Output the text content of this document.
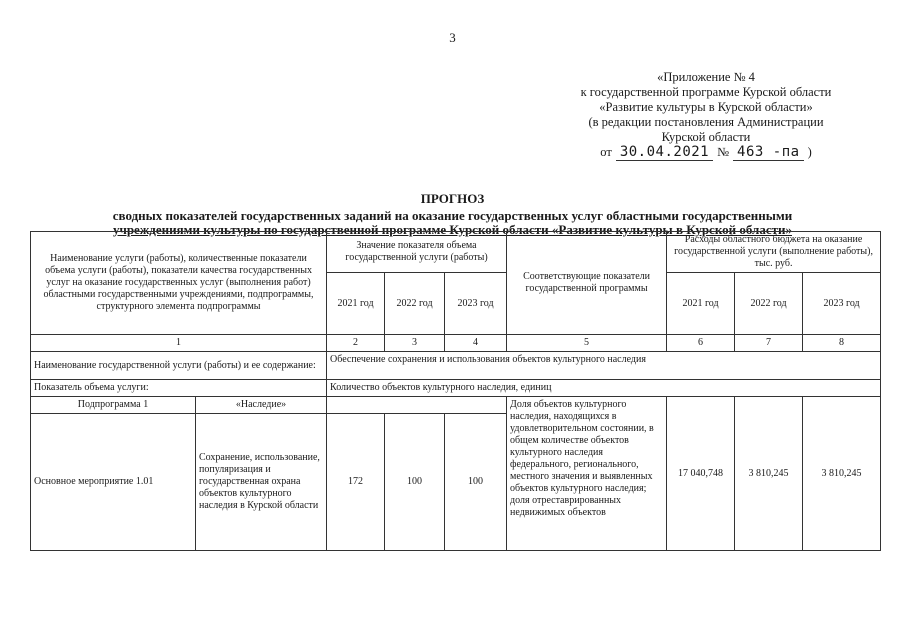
3
«Приложение № 4
к государственной программе Курской области
«Развитие культуры в Курской области»
(в редакции постановления Администрации
Курской области
от 30.04.2021 № 463 -па )
ПРОГНОЗ
сводных показателей государственных заданий на оказание государственных услуг областными государственными
учреждениями культуры по государственной программе Курской области «Развитие культуры в Курской области»
Наименование услуги (работы), количественные показатели объема услуги (работы), показатели качества государственных услуг на оказание государственных услуг (выполнения работ) областными государственными учреждениями, подпрограммы, структурного элемента подпрограммы		Значение показателя объема государственной услуги (работы)			Соответствующие показатели государственной программы	Расходы областного бюджета на оказание государственной услуги (выполнение работы), тыс. руб.		
		2021 год	2022 год	2023 год		2021 год	2022 год	2023 год
1		2	3	4	5	6	7	8
Наименование государственной услуги (работы) и ее содержание:		Обеспечение сохранения и использования объектов культурного наследия						
Показатель объема услуги:		Количество объектов культурного наследия, единиц						
Подпрограмма 1	«Наследие»				Доля объектов культурного наследия, находящихся в удовлетворительном состоянии, в общем количестве объектов культурного наследия федерального, регионального, местного значения и выявленных объектов культурного наследия; доля отреставрированных недвижимых объектов	17 040,748	3 810,245	3 810,245
Основное мероприятие 1.01	Сохранение, использование, популяризация и государственная охрана объектов культурного наследия в Курской области	172	100	100				
